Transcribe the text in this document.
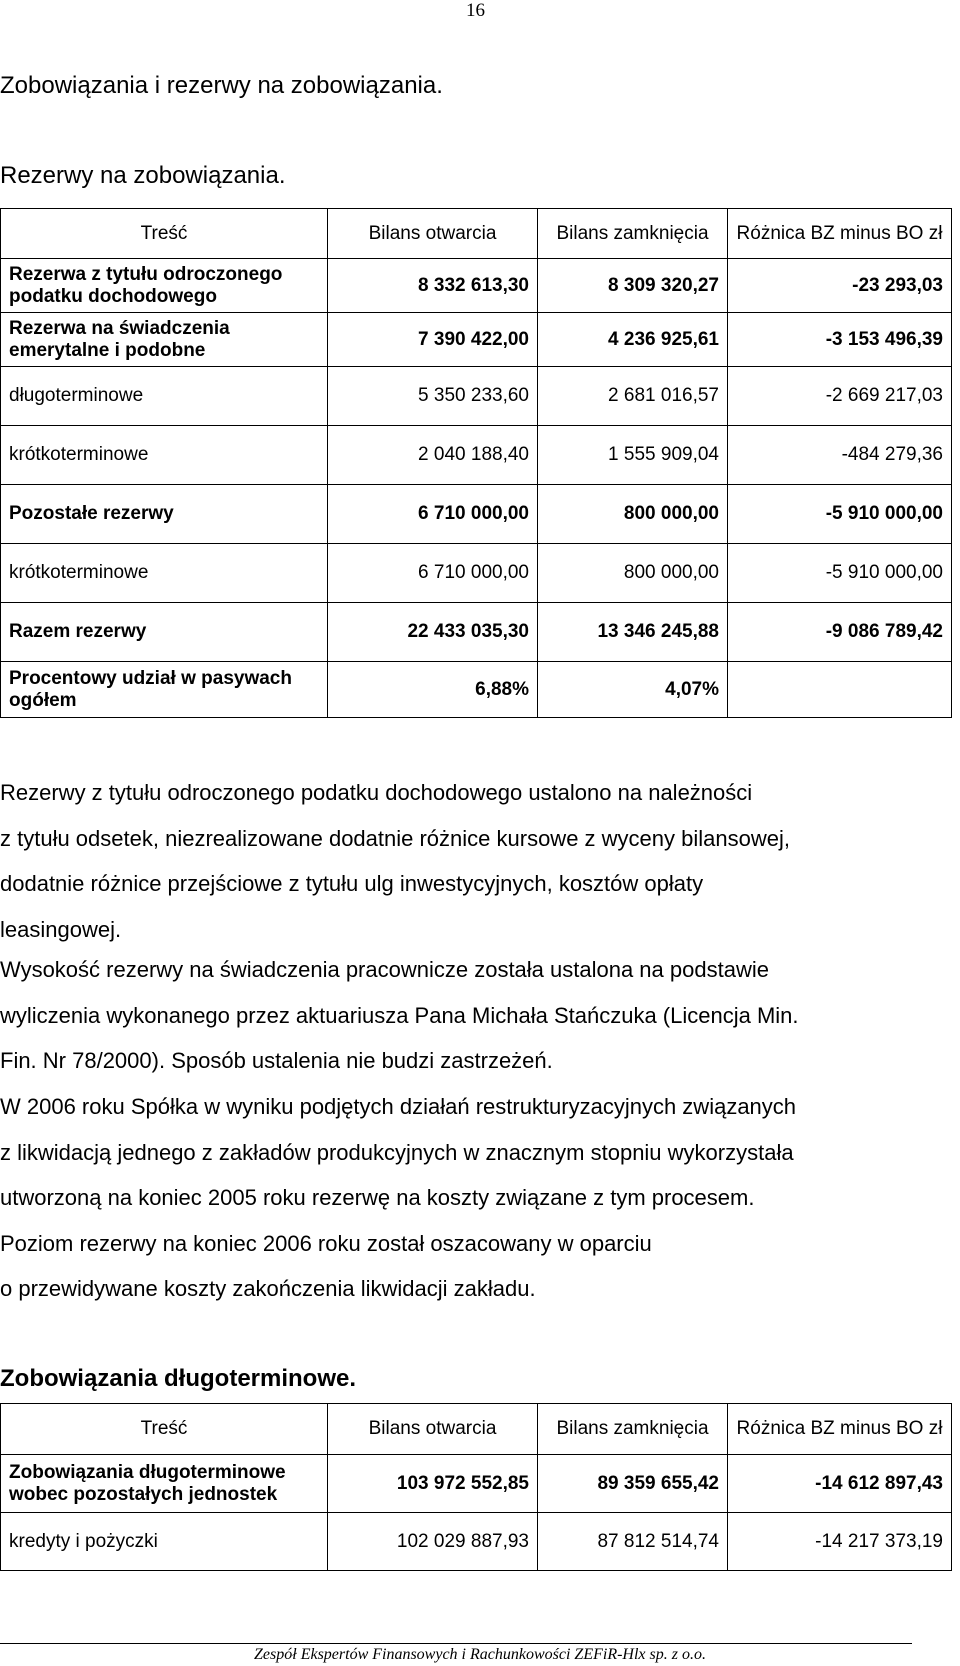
16
Zobowiązania i rezerwy na zobowiązania.
Rezerwy na zobowiązania.
Treść	Bilans otwarcia	Bilans zamknięcia	Różnica BZ minus BO zł
Rezerwa z tytułu odroczonego podatku dochodowego	8 332 613,30	8 309 320,27	-23 293,03
Rezerwa na świadczenia emerytalne i podobne	7 390 422,00	4 236 925,61	-3 153 496,39
długoterminowe	5 350 233,60	2 681 016,57	-2 669 217,03
krótkoterminowe	2 040 188,40	1 555 909,04	-484 279,36
Pozostałe rezerwy	6 710 000,00	800 000,00	-5 910 000,00
krótkoterminowe	6 710 000,00	800 000,00	-5 910 000,00
Razem rezerwy	22 433 035,30	13 346 245,88	-9 086 789,42
Procentowy udział w pasywach ogółem	6,88%	4,07%	
Rezerwy z tytułu odroczonego podatku dochodowego ustalono na należności
z tytułu odsetek, niezrealizowane dodatnie różnice kursowe z wyceny bilansowej,
dodatnie różnice przejściowe z tytułu ulg inwestycyjnych, kosztów opłaty
leasingowej.
Wysokość rezerwy na świadczenia pracownicze została ustalona na podstawie
wyliczenia wykonanego przez aktuariusza Pana Michała Stańczuka (Licencja Min.
Fin. Nr 78/2000). Sposób ustalenia nie budzi zastrzeżeń.
W 2006 roku Spółka w wyniku podjętych działań restrukturyzacyjnych związanych
z likwidacją jednego z zakładów produkcyjnych w znacznym stopniu wykorzystała
utworzoną na koniec 2005 roku rezerwę na koszty związane z tym procesem.
Poziom rezerwy na koniec 2006 roku został oszacowany w oparciu
o przewidywane koszty zakończenia likwidacji zakładu.
Zobowiązania długoterminowe.
Treść	Bilans otwarcia	Bilans zamknięcia	Różnica BZ minus BO zł
Zobowiązania długoterminowe wobec pozostałych jednostek	103 972 552,85	89 359 655,42	-14 612 897,43
kredyty i pożyczki	102 029 887,93	87 812 514,74	-14 217 373,19
Zespół Ekspertów Finansowych i Rachunkowości ZEFiR-Hlx sp. z o.o.
